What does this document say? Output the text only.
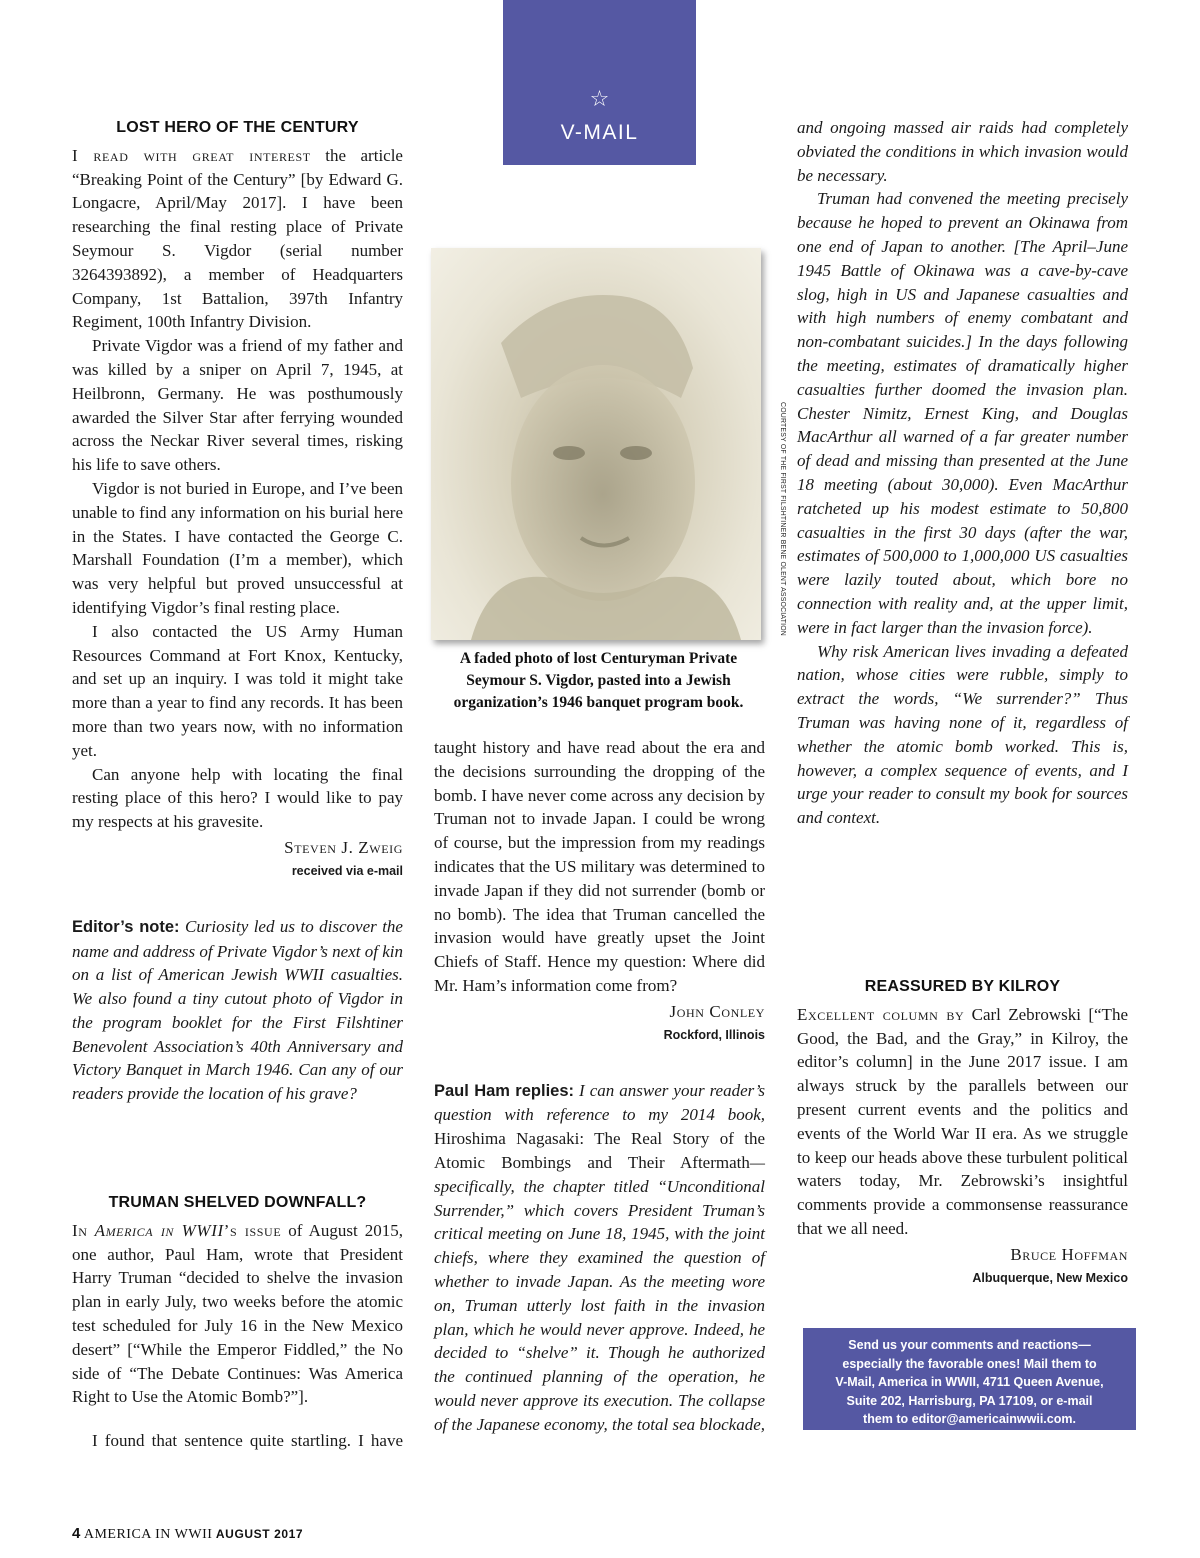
☆
V-MAIL
LOST HERO OF THE CENTURY

I read with great interest the article “Breaking Point of the Century” [by Edward G. Longacre, April/May 2017]. I have been researching the final resting place of Private Seymour S. Vigdor (serial number 3264393892), a member of Headquarters Company, 1st Battalion, 397th Infantry Regiment, 100th Infantry Division.

Private Vigdor was a friend of my father and was killed by a sniper on April 7, 1945, at Heilbronn, Germany. He was posthumously awarded the Silver Star after ferrying wounded across the Neckar River several times, risking his life to save others.

Vigdor is not buried in Europe, and I’ve been unable to find any information on his burial here in the States. I have contacted the George C. Marshall Foundation (I’m a member), which was very helpful but proved unsuccessful at identifying Vigdor’s final resting place.

I also contacted the US Army Human Resources Command at Fort Knox, Kentucky, and set up an inquiry. I was told it might take more than a year to find any records. It has been more than two years now, with no information yet.

Can anyone help with locating the final resting place of this hero? I would like to pay my respects at his gravesite.

Steven J. Zweig
received via e-mail

Editor’s note: Curiosity led us to discover the name and address of Private Vigdor’s next of kin on a list of American Jewish WWII casualties. We also found a tiny cutout photo of Vigdor in the program booklet for the First Filshtiner Benevolent Association’s 40th Anniversary and Victory Banquet in March 1946. Can any of our readers provide the location of his grave?

TRUMAN SHELVED DOWNFALL?

In America in WWII’s issue of August 2015, one author, Paul Ham, wrote that President Harry Truman “decided to shelve the invasion plan in early July, two weeks before the atomic test scheduled for July 16 in the New Mexico desert” [“While the Emperor Fiddled,” the No side of “The Debate Continues: Was America Right to Use the Atomic Bomb?”].

I found that sentence quite startling. I have

COURTESY OF THE FIRST FILSHTINER BENE OLENT ASSOCIATION
A faded photo of lost Centuryman Private Seymour S. Vigdor, pasted into a Jewish organization’s 1946 banquet program book.

taught history and have read about the era and the decisions surrounding the dropping of the bomb. I have never come across any decision by Truman not to invade Japan. I could be wrong of course, but the impression from my readings indicates that the US military was determined to invade Japan if they did not surrender (bomb or no bomb). The idea that Truman cancelled the invasion would have greatly upset the Joint Chiefs of Staff. Hence my question: Where did Mr. Ham’s information come from?

John Conley
Rockford, Illinois

Paul Ham replies: I can answer your reader’s question with reference to my 2014 book, Hiroshima Nagasaki: The Real Story of the Atomic Bombings and Their Aftermath—specifically, the chapter titled “Unconditional Surrender,” which covers President Truman’s critical meeting on June 18, 1945, with the joint chiefs, where they examined the question of whether to invade Japan. As the meeting wore on, Truman utterly lost faith in the invasion plan, which he would never approve. Indeed, he decided to “shelve” it. Though he authorized the continued planning of the operation, he would never approve its execution. The collapse of the Japanese economy, the total sea blockade,

and ongoing massed air raids had completely obviated the conditions in which invasion would be necessary.

Truman had convened the meeting precisely because he hoped to prevent an Okinawa from one end of Japan to another. [The April–June 1945 Battle of Okinawa was a cave-by-cave slog, high in US and Japanese casualties and with high numbers of enemy combatant and non-combatant suicides.] In the days following the meeting, estimates of dramatically higher casualties further doomed the invasion plan. Chester Nimitz, Ernest King, and Douglas MacArthur all warned of a far greater number of dead and missing than presented at the June 18 meeting (about 30,000). Even MacArthur ratcheted up his modest estimate to 50,800 casualties in the first 30 days (after the war, estimates of 500,000 to 1,000,000 US casualties were lazily touted about, which bore no connection with reality and, at the upper limit, were in fact larger than the invasion force).

Why risk American lives invading a defeated nation, whose cities were rubble, simply to extract the words, “We surrender?” Thus Truman was having none of it, regardless of whether the atomic bomb worked. This is, however, a complex sequence of events, and I urge your reader to consult my book for sources and context.

REASSURED BY KILROY

Excellent column by Carl Zebrowski [“The Good, the Bad, and the Gray,” in Kilroy, the editor’s column] in the June 2017 issue. I am always struck by the parallels between our present current events and the politics and events of the World War II era. As we struggle to keep our heads above these turbulent political waters today, Mr. Zebrowski’s insightful comments provide a commonsense reassurance that we all need.

Bruce Hoffman
Albuquerque, New Mexico
Send us your comments and reactions—
especially the favorable ones! Mail them to
V-Mail, America in WWII, 4711 Queen Avenue,
Suite 202, Harrisburg, PA 17109, or e-mail
them to editor@americainwwii.com.
4 AMERICA IN WWII AUGUST 2017
